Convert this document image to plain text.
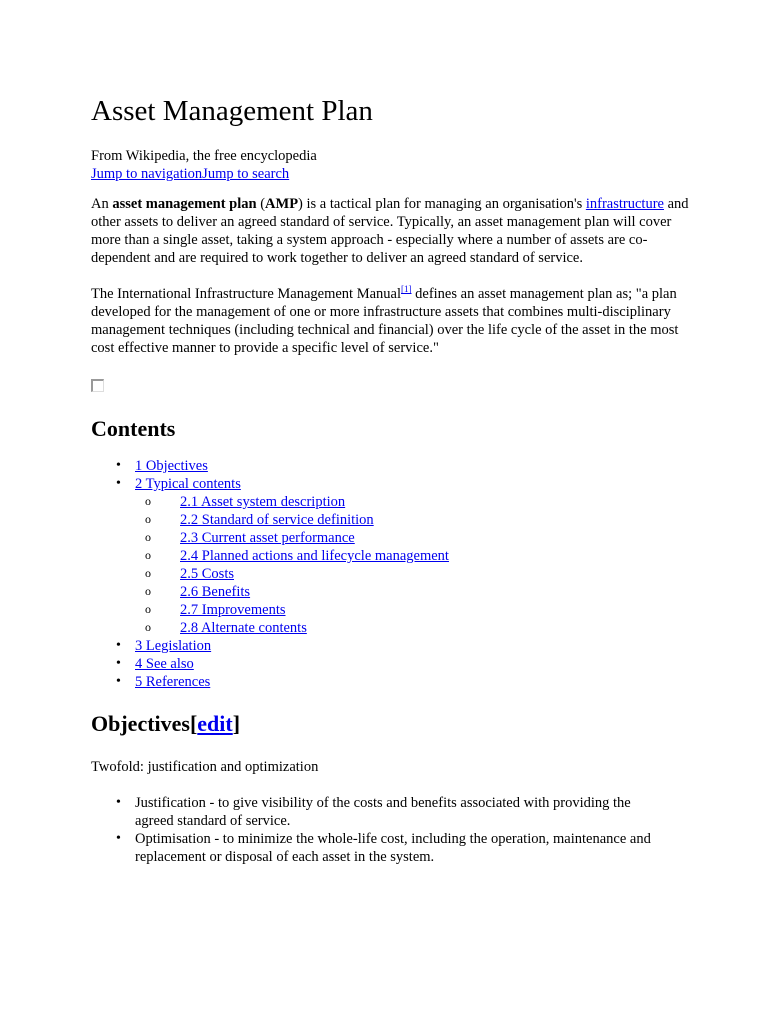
Asset Management Plan

From Wikipedia, the free encyclopedia
Jump to navigationJump to search

An asset management plan (AMP) is a tactical plan for managing an organisation's infrastructure and other assets to deliver an agreed standard of service. Typically, an asset management plan will cover more than a single asset, taking a system approach - especially where a number of assets are co-dependent and are required to work together to deliver an agreed standard of service.

The International Infrastructure Management Manual[1] defines an asset management plan as; "a plan developed for the management of one or more infrastructure assets that combines multi-disciplinary management techniques (including technical and financial) over the life cycle of the asset in the most cost effective manner to provide a specific level of service."

Contents
• 1 Objectives
• 2 Typical contents
o 2.1 Asset system description
o 2.2 Standard of service definition
o 2.3 Current asset performance
o 2.4 Planned actions and lifecycle management
o 2.5 Costs
o 2.6 Benefits
o 2.7 Improvements
o 2.8 Alternate contents
• 3 Legislation
• 4 See also
• 5 References
Objectives[edit]

Twofold: justification and optimization

• Justification - to give visibility of the costs and benefits associated with providing the agreed standard of service.
• Optimisation - to minimize the whole-life cost, including the operation, maintenance and replacement or disposal of each asset in the system.
